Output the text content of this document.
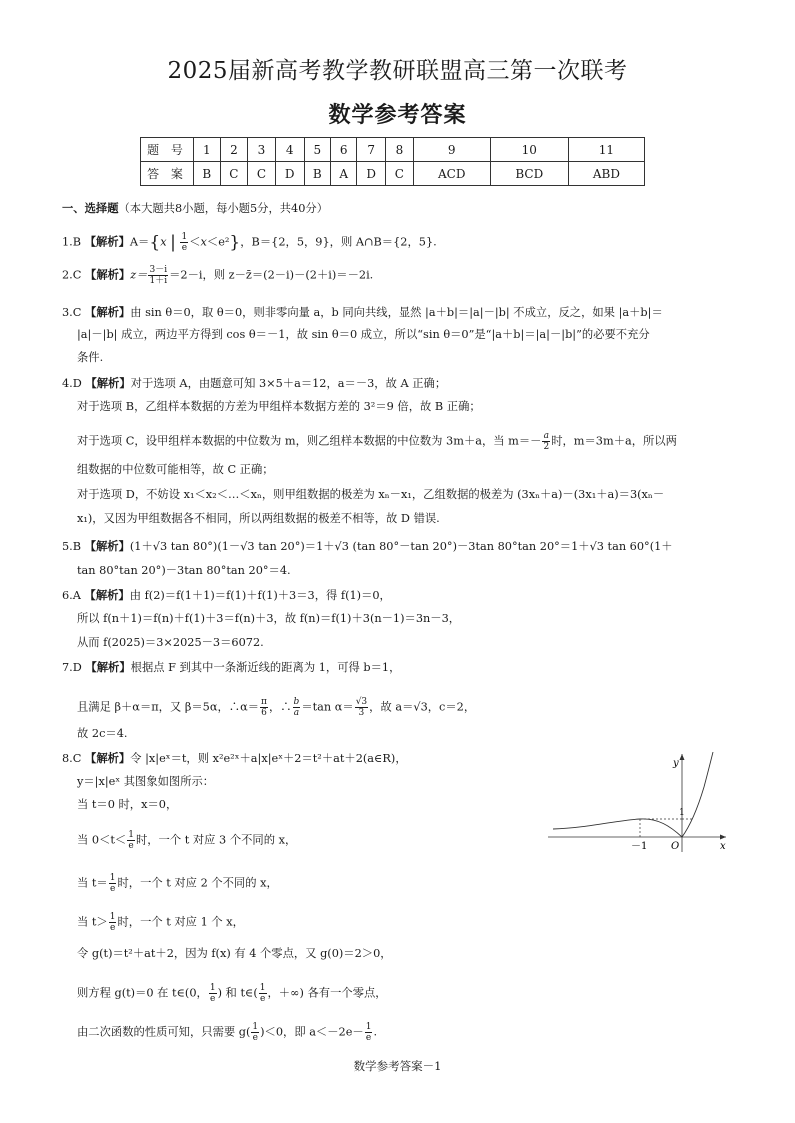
2025届新高考教学教研联盟高三第一次联考
数学参考答案
题 号	1	2	3	4	5	6	7	8	9	10	11
答 案	B	C	C	D	B	A	D	C	ACD	BCD	ABD
一、选择题（本大题共8小题，每小题5分，共40分）
1.B 【解析】A＝{x | $\frac{1}{e} <x<e^2$}，B＝{2，5，9}，则 A∩B＝{2，5}.
2.C 【解析】$z= \frac{3-i}{1+i} =2-i$，则 z－z̄＝(2－i)－(2＋i)＝－2i.
3.C 【解析】由 sin θ＝0，取 θ＝0，则非零向量 a，b 同向共线，显然 |a＋b|＝|a|－|b| 不成立，反之，如果 |a＋b|＝
|a|－|b| 成立，两边平方得到 cos θ＝－1，故 sin θ＝0 成立，所以“sin θ＝0”是“|a＋b|＝|a|－|b|”的必要不充分
条件.
4.D 【解析】对于选项 A，由题意可知 3×5＋a＝12，a＝－3，故 A 正确；
对于选项 B，乙组样本数据的方差为甲组样本数据方差的 3²＝9 倍，故 B 正确；
对于选项 C，设甲组样本数据的中位数为 m，则乙组样本数据的中位数为 3m＋a，当 $m=- \frac{a}{2}$ 时，m＝3m＋a，所以两
组数据的中位数可能相等，故 C 正确；
对于选项 D，不妨设 x₁＜x₂＜…＜xₙ，则甲组数据的极差为 xₙ－x₁，乙组数据的极差为 (3xₙ＋a)－(3x₁＋a)＝3(xₙ－
x₁)，又因为甲组数据各不相同，所以两组数据的极差不相等，故 D 错误.
5.B 【解析】(1＋√3 tan 80°)(1－√3 tan 20°)＝1＋√3 (tan 80°－tan 20°)－3tan 80°tan 20°＝1＋√3 tan 60°(1＋
tan 80°tan 20°)－3tan 80°tan 20°＝4.
6.A 【解析】由 f(2)＝f(1＋1)＝f(1)＋f(1)＋3＝3，得 f(1)＝0，
所以 f(n＋1)＝f(n)＋f(1)＋3＝f(n)＋3，故 f(n)＝f(1)＋3(n－1)＝3n－3，
从而 f(2025)＝3×2025－3＝6072.
7.D 【解析】根据点 F 到其中一条渐近线的距离为 1，可得 b＝1，
且满足 β＋α＝π，又 β＝5α，∴α＝ $\frac{\pi}{6}$ ，∴ $\frac{b}{a} =\tan$ $\alpha= \frac{√3}{3}$ ，故 a＝√3，c＝2，
故 2c＝4.
8.C 【解析】令 |x|eˣ＝t，则 x²e²ˣ＋a|x|eˣ＋2＝t²＋at＋2(a∈R)，
y＝|x|eˣ 其图象如图所示：
当 t＝0 时，x＝0，
当 $0<t< \frac{1}{e}$ 时，一个 t 对应 3 个不同的 x，
当 $t= \frac{1}{e}$ 时，一个 t 对应 2 个不同的 x，
当 $t> \frac{1}{e}$ 时，一个 t 对应 1 个 x，
令 g(t)＝t²＋at＋2，因为 f(x) 有 4 个零点，又 g(0)＝2＞0，
则方程 g(t)＝0 在 t∈(0， $\frac{1}{e}$ ) 和 t∈( $\frac{1}{e}$ ，＋∞) 各有一个零点，
由二次函数的性质可知，只需要 $g( \frac{1}{e} )<0$，即 $a<-2e- \frac{1}{e}$ .
y
x
O
－1
1
数学参考答案－1
